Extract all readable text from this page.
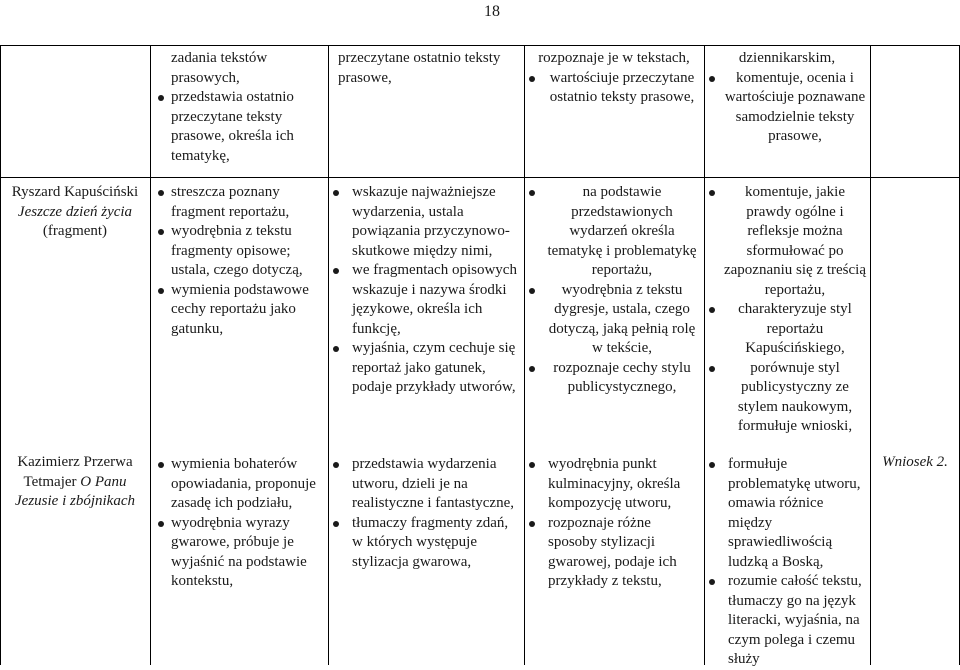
18

zadania tekstów prasowych,

przedstawia ostatnio przeczytane teksty prasowe, określa ich tematykę,

przeczytane ostatnio teksty prasowe,

rozpoznaje je w tekstach,

wartościuje przeczytane ostatnio teksty prasowe,

dziennikarskim,

komentuje, ocenia i wartościuje poznawane samodzielnie teksty prasowe,

Ryszard Kapuściński Jeszcze dzień życia (fragment)

streszcza poznany fragment reportażu,

wyodrębnia z tekstu fragmenty opisowe; ustala, czego dotyczą,

wymienia podstawowe cechy reportażu jako gatunku,

wskazuje najważniejsze wydarzenia, ustala powiązania przyczynowo-skutkowe między nimi,

we fragmentach opisowych wskazuje i nazywa środki językowe, określa ich funkcję,

wyjaśnia, czym cechuje się reportaż jako gatunek, podaje przykłady utworów,

na podstawie przedstawionych wydarzeń określa tematykę i problematykę reportażu,

wyodrębnia z tekstu dygresje, ustala, czego dotyczą, jaką pełnią rolę w tekście,

rozpoznaje cechy stylu publicystycznego,

komentuje, jakie prawdy ogólne i refleksje można sformułować po zapoznaniu się z treścią reportażu,

charakteryzuje styl reportażu Kapuścińskiego,

porównuje styl publicystyczny ze stylem naukowym, formułuje wnioski,

Kazimierz Przerwa Tetmajer O Panu Jezusie i zbójnikach

wymienia bohaterów opowiadania, proponuje zasadę ich podziału,

wyodrębnia wyrazy gwarowe, próbuje je wyjaśnić na podstawie kontekstu,

przedstawia wydarzenia utworu, dzieli je na realistyczne i fantastyczne,

tłumaczy fragmenty zdań, w których występuje stylizacja gwarowa,

wyodrębnia punkt kulminacyjny, określa kompozycję utworu,

rozpoznaje różne sposoby stylizacji gwarowej, podaje ich przykłady z tekstu,

formułuje problematykę utworu, omawia różnice między sprawiedliwością ludzką a Boską,

rozumie całość tekstu, tłumaczy go na język literacki, wyjaśnia, na czym polega i czemu służy

Wniosek 2.
